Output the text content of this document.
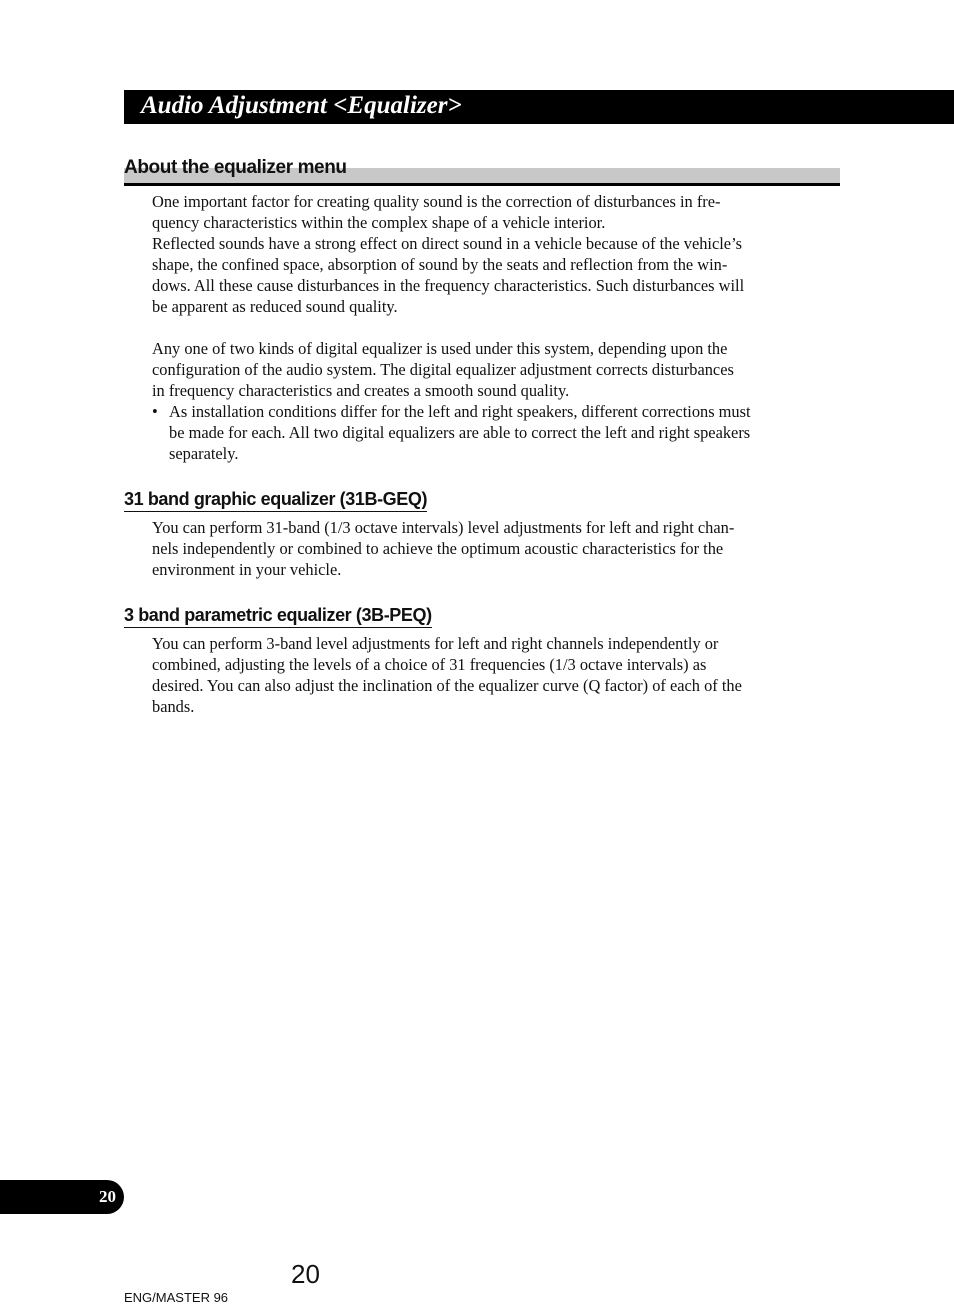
Audio Adjustment <Equalizer>
About the equalizer menu
One important factor for creating quality sound is the correction of disturbances in fre-
quency characteristics within the complex shape of a vehicle interior.
Reflected sounds have a strong effect on direct sound in a vehicle because of the vehicle’s
shape, the confined space, absorption of sound by the seats and reflection from the win-
dows. All these cause disturbances in the frequency characteristics. Such disturbances will
be apparent as reduced sound quality.
Any one of two kinds of digital equalizer is used under this system, depending upon the
configuration of the audio system. The digital equalizer adjustment corrects disturbances
in frequency characteristics and creates a smooth sound quality.
• As installation conditions differ for the left and right speakers, different corrections must
be made for each. All two digital equalizers are able to correct the left and right speakers
separately.
31 band graphic equalizer (31B-GEQ)
You can perform 31-band (1/3 octave intervals) level adjustments for left and right chan-
nels independently or combined to achieve the optimum acoustic characteristics for the
environment in your vehicle.
3 band parametric equalizer (3B-PEQ)
You can perform 3-band level adjustments for left and right channels independently or
combined, adjusting the levels of a choice of 31 frequencies (1/3 octave intervals) as
desired. You can also adjust the inclination of the equalizer curve (Q factor) of each of the
bands.
20
20
ENG/MASTER 96
